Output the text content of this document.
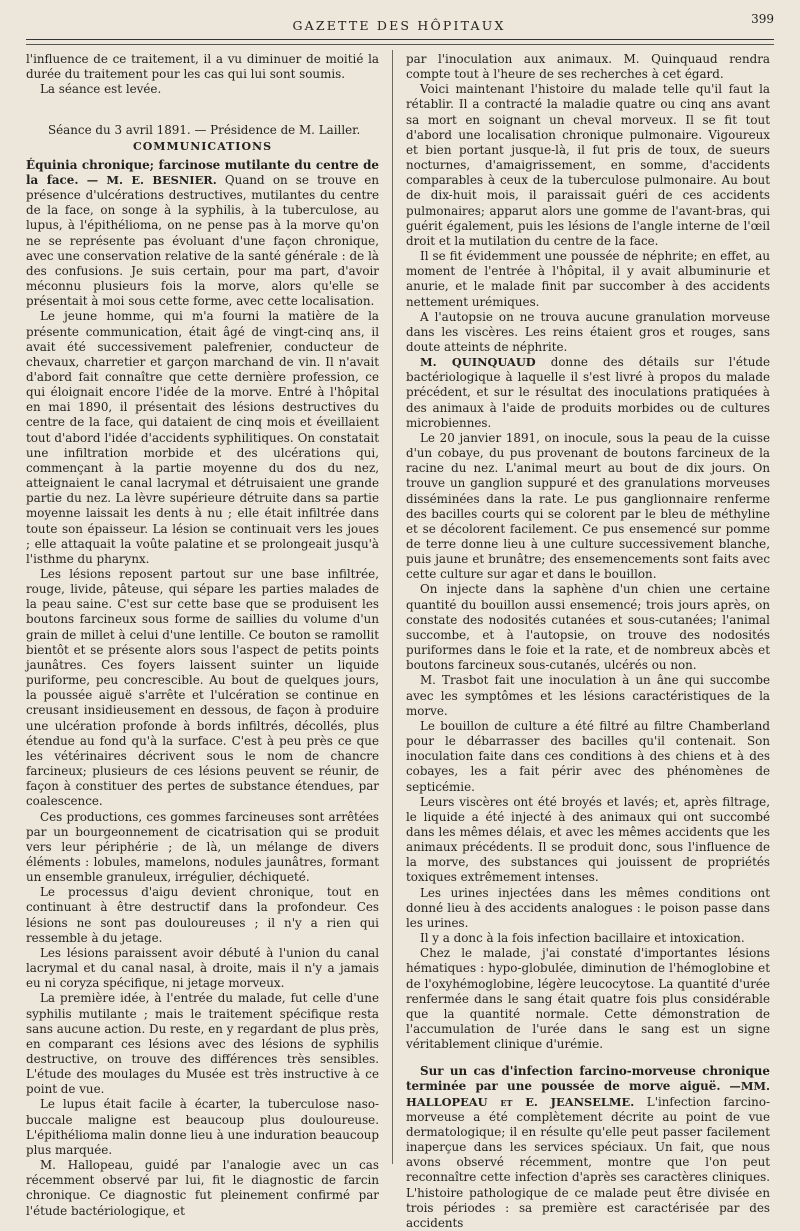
GAZETTE DES HÔPITAUX	399

l'influence de ce traitement, il a vu diminuer de moitié la durée du traitement pour les cas qui lui sont soumis.

La séance est levée.

Séance du 3 avril 1891. — Présidence de M. Lailler.

COMMUNICATIONS

Équinia chronique; farcinose mutilante du centre de la face. — M. E. BESNIER. Quand on se trouve en présence d'ulcérations destructives, mutilantes du centre de la face, on songe à la syphilis, à la tuberculose, au lupus, à l'épithélioma, on ne pense pas à la morve qu'on ne se représente pas évoluant d'une façon chronique, avec une conservation relative de la santé générale : de là des confusions. Je suis certain, pour ma part, d'avoir méconnu plusieurs fois la morve, alors qu'elle se présentait à moi sous cette forme, avec cette localisation.

Le jeune homme, qui m'a fourni la matière de la présente communication, était âgé de vingt-cinq ans, il avait été successivement palefrenier, conducteur de chevaux, charretier et garçon marchand de vin. Il n'avait d'abord fait connaître que cette dernière profession, ce qui éloignait encore l'idée de la morve. Entré à l'hôpital en mai 1890, il présentait des lésions destructives du centre de la face, qui dataient de cinq mois et éveillaient tout d'abord l'idée d'accidents syphilitiques. On constatait une infiltration morbide et des ulcérations qui, commençant à la partie moyenne du dos du nez, atteignaient le canal lacrymal et détruisaient une grande partie du nez. La lèvre supérieure détruite dans sa partie moyenne laissait les dents à nu ; elle était infiltrée dans toute son épaisseur. La lésion se continuait vers les joues ; elle attaquait la voûte palatine et se prolongeait jusqu'à l'isthme du pharynx.

Les lésions reposent partout sur une base infiltrée, rouge, livide, pâteuse, qui sépare les parties malades de la peau saine. C'est sur cette base que se produisent les boutons farcineux sous forme de saillies du volume d'un grain de millet à celui d'une lentille. Ce bouton se ramollit bientôt et se présente alors sous l'aspect de petits points jaunâtres. Ces foyers laissent suinter un liquide puriforme, peu concrescible. Au bout de quelques jours, la poussée aiguë s'arrête et l'ulcération se continue en creusant insidieusement en dessous, de façon à produire une ulcération profonde à bords infiltrés, décollés, plus étendue au fond qu'à la surface. C'est à peu près ce que les vétérinaires décrivent sous le nom de chancre farcineux; plusieurs de ces lésions peuvent se réunir, de façon à constituer des pertes de substance étendues, par coalescence.

Ces productions, ces gommes farcineuses sont arrêtées par un bourgeonnement de cicatrisation qui se produit vers leur périphérie ; de là, un mélange de divers éléments : lobules, mamelons, nodules jaunâtres, formant un ensemble granuleux, irrégulier, déchiqueté.

Le processus d'aigu devient chronique, tout en continuant à être destructif dans la profondeur. Ces lésions ne sont pas douloureuses ; il n'y a rien qui ressemble à du jetage.

Les lésions paraissent avoir débuté à l'union du canal lacrymal et du canal nasal, à droite, mais il n'y a jamais eu ni coryza spécifique, ni jetage morveux.

La première idée, à l'entrée du malade, fut celle d'une syphilis mutilante ; mais le traitement spécifique resta sans aucune action. Du reste, en y regardant de plus près, en comparant ces lésions avec des lésions de syphilis destructive, on trouve des différences très sensibles. L'étude des moulages du Musée est très instructive à ce point de vue.

Le lupus était facile à écarter, la tuberculose naso-buccale maligne est beaucoup plus douloureuse. L'épithélioma malin donne lieu à une induration beaucoup plus marquée.

M. Hallopeau, guidé par l'analogie avec un cas récemment observé par lui, fit le diagnostic de farcin chronique. Ce diagnostic fut pleinement confirmé par l'étude bactériologique, et

par l'inoculation aux animaux. M. Quinquaud rendra compte tout à l'heure de ses recherches à cet égard.

Voici maintenant l'histoire du malade telle qu'il faut la rétablir. Il a contracté la maladie quatre ou cinq ans avant sa mort en soignant un cheval morveux. Il se fit tout d'abord une localisation chronique pulmonaire. Vigoureux et bien portant jusque-là, il fut pris de toux, de sueurs nocturnes, d'amaigrissement, en somme, d'accidents comparables à ceux de la tuberculose pulmonaire. Au bout de dix-huit mois, il paraissait guéri de ces accidents pulmonaires; apparut alors une gomme de l'avant-bras, qui guérit également, puis les lésions de l'angle interne de l'œil droit et la mutilation du centre de la face.

Il se fit évidemment une poussée de néphrite; en effet, au moment de l'entrée à l'hôpital, il y avait albuminurie et anurie, et le malade finit par succomber à des accidents nettement urémiques.

A l'autopsie on ne trouva aucune granulation morveuse dans les viscères. Les reins étaient gros et rouges, sans doute atteints de néphrite.

M. QUINQUAUD donne des détails sur l'étude bactériologique à laquelle il s'est livré à propos du malade précédent, et sur le résultat des inoculations pratiquées à des animaux à l'aide de produits morbides ou de cultures microbiennes.

Le 20 janvier 1891, on inocule, sous la peau de la cuisse d'un cobaye, du pus provenant de boutons farcineux de la racine du nez. L'animal meurt au bout de dix jours. On trouve un ganglion suppuré et des granulations morveuses disséminées dans la rate. Le pus ganglionnaire renferme des bacilles courts qui se colorent par le bleu de méthyline et se décolorent facilement. Ce pus ensemencé sur pomme de terre donne lieu à une culture successivement blanche, puis jaune et brunâtre; des ensemencements sont faits avec cette culture sur agar et dans le bouillon.

On injecte dans la saphène d'un chien une certaine quantité du bouillon aussi ensemencé; trois jours après, on constate des nodosités cutanées et sous-cutanées; l'animal succombe, et à l'autopsie, on trouve des nodosités puriformes dans le foie et la rate, et de nombreux abcès et boutons farcineux sous-cutanés, ulcérés ou non.

M. Trasbot fait une inoculation à un âne qui succombe avec les symptômes et les lésions caractéristiques de la morve.

Le bouillon de culture a été filtré au filtre Chamberland pour le débarrasser des bacilles qu'il contenait. Son inoculation faite dans ces conditions à des chiens et à des cobayes, les a fait périr avec des phénomènes de septicémie.

Leurs viscères ont été broyés et lavés; et, après filtrage, le liquide a été injecté à des animaux qui ont succombé dans les mêmes délais, et avec les mêmes accidents que les animaux précédents. Il se produit donc, sous l'influence de la morve, des substances qui jouissent de propriétés toxiques extrêmement intenses.

Les urines injectées dans les mêmes conditions ont donné lieu à des accidents analogues : le poison passe dans les urines.

Il y a donc à la fois infection bacillaire et intoxication.

Chez le malade, j'ai constaté d'importantes lésions hématiques : hypo-globulée, diminution de l'hémoglobine et de l'oxyhémoglobine, légère leucocytose. La quantité d'urée renfermée dans le sang était quatre fois plus considérable que la quantité normale. Cette démonstration de l'accumulation de l'urée dans le sang est un signe véritablement clinique d'urémie.

Sur un cas d'infection farcino-morveuse chronique terminée par une poussée de morve aiguë. —MM. HALLOPEAU et E. JEANSELME. L'infection farcino-morveuse a été complètement décrite au point de vue dermatologique; il en résulte qu'elle peut passer facilement inaperçue dans les services spéciaux. Un fait, que nous avons observé récemment, montre que l'on peut reconnaître cette infection d'après ses caractères cliniques. L'histoire pathologique de ce malade peut être divisée en trois périodes : sa première est caractérisée par des accidents
